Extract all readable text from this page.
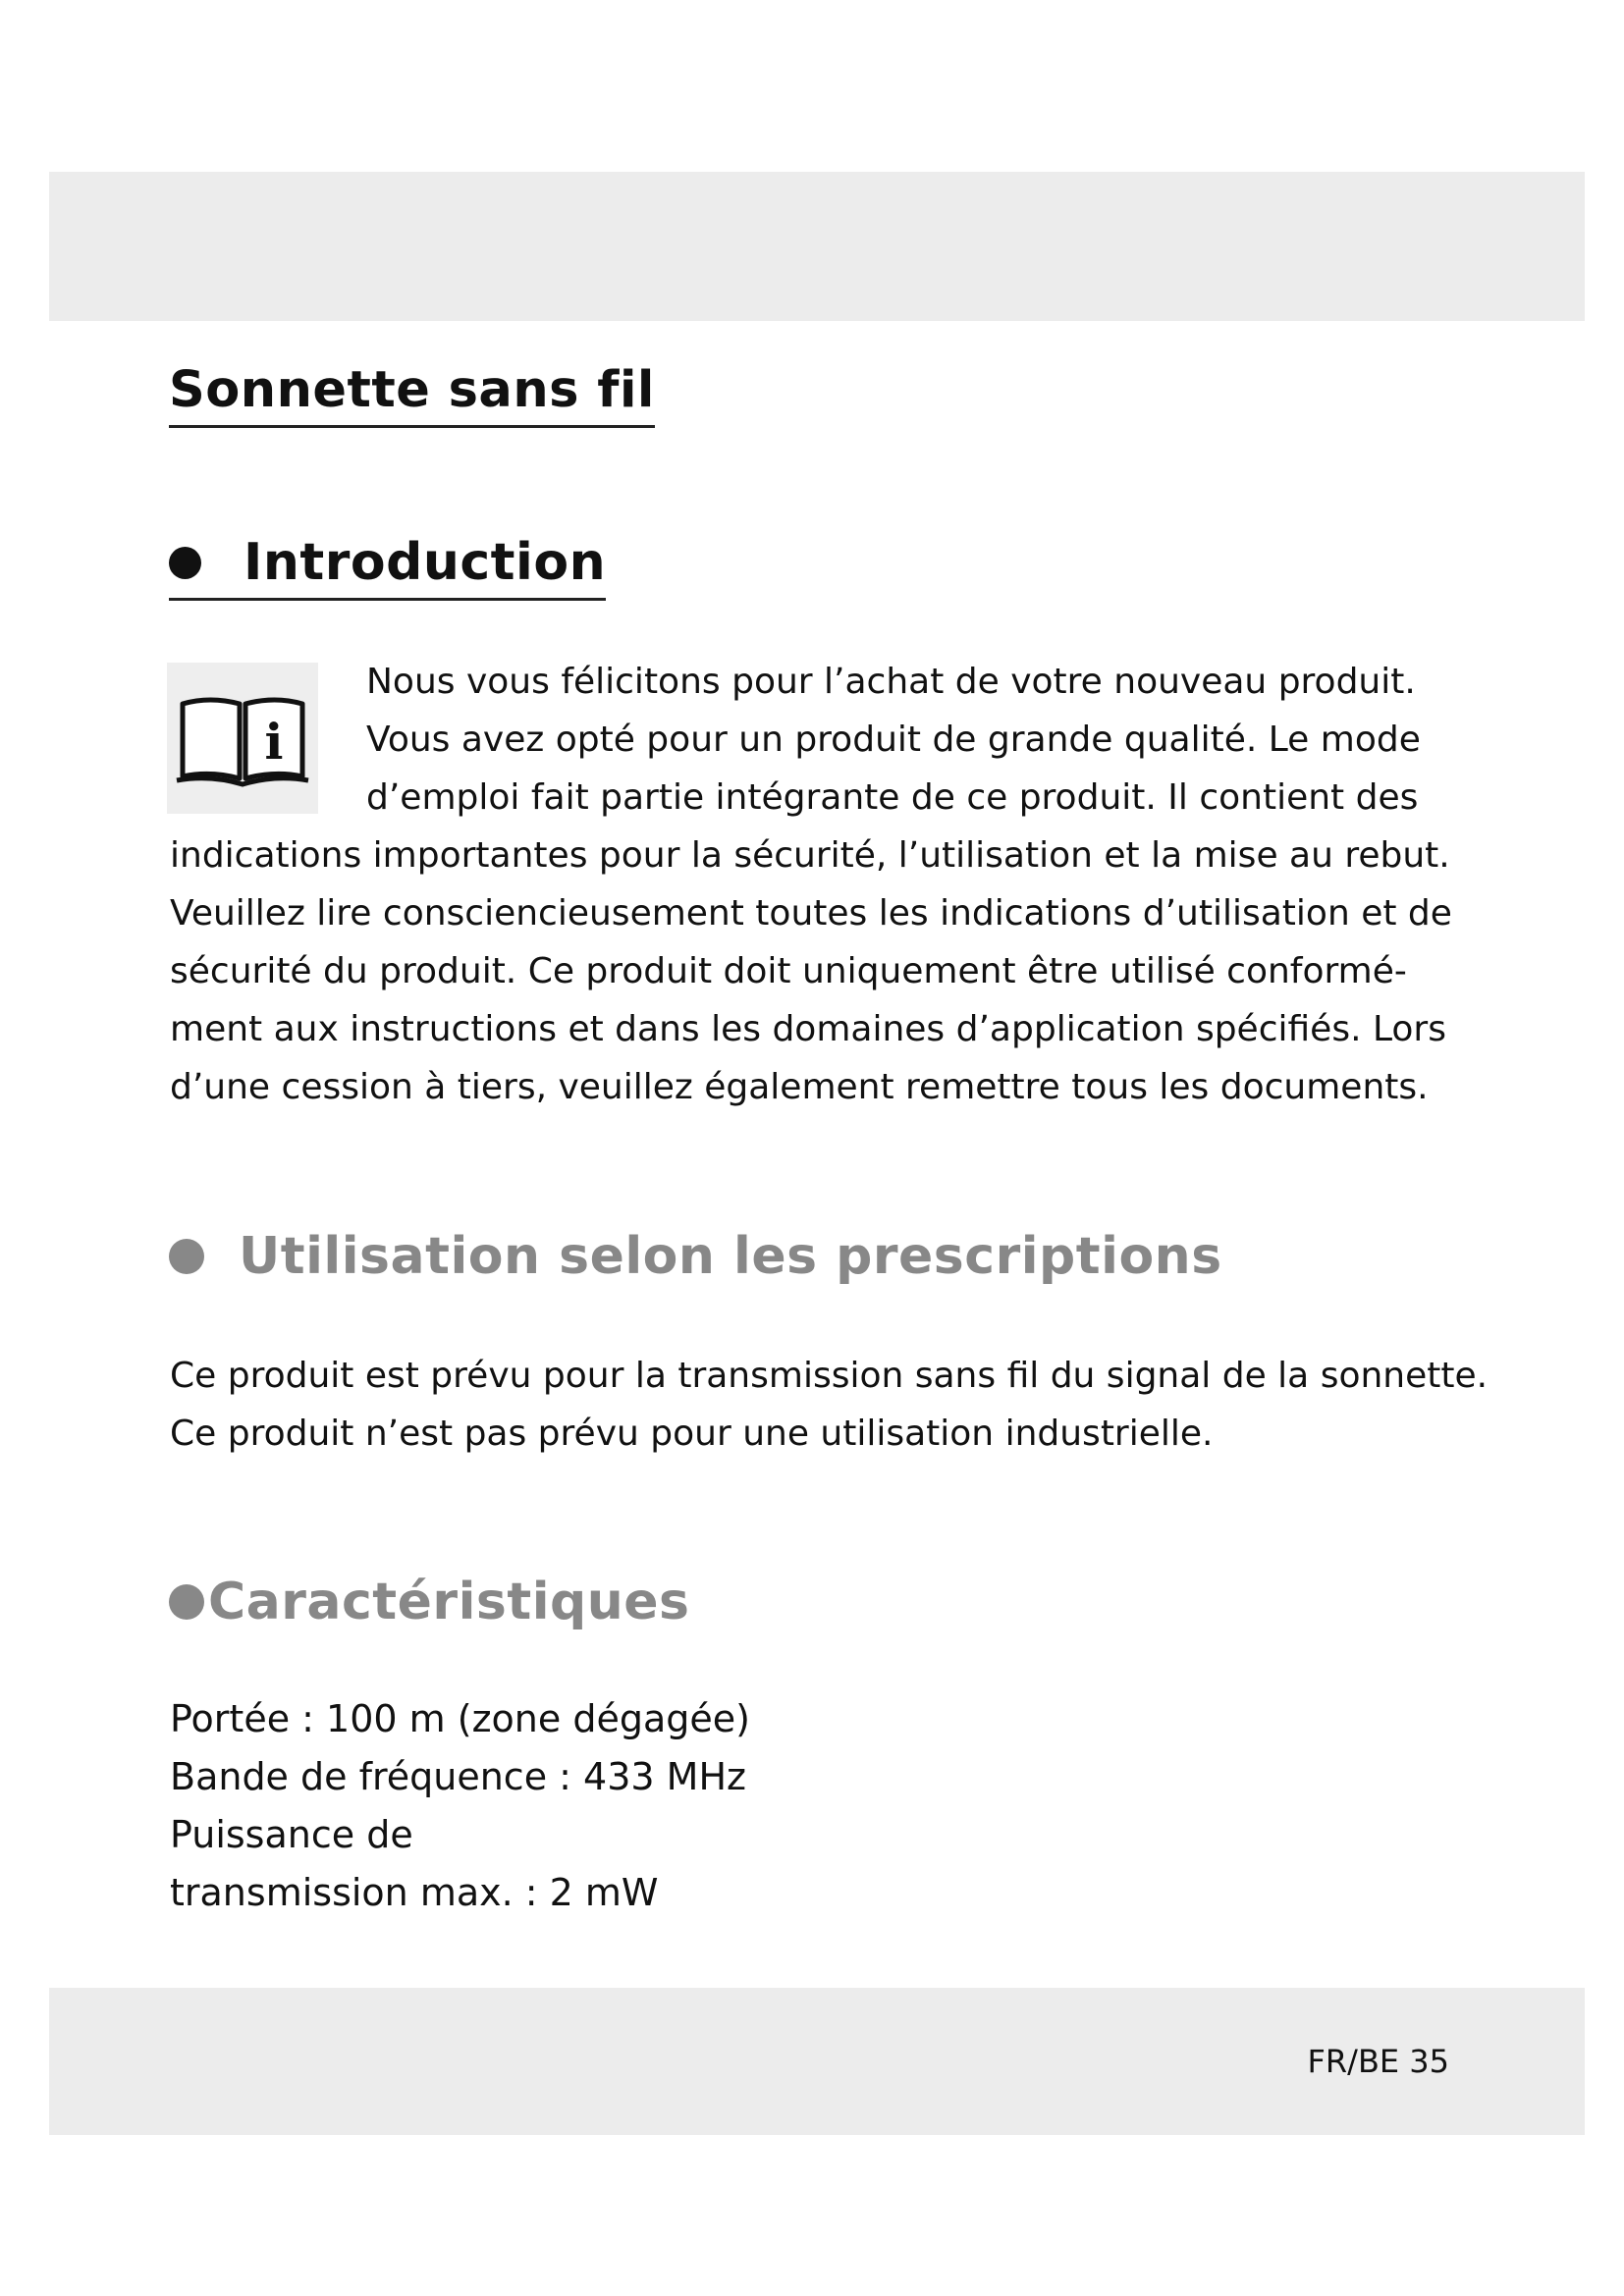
Sonnette sans fil
Introduction
i

Nous vous félicitons pour l’achat de votre nouveau produit.
Vous avez opté pour un produit de grande qualité. Le mode
d’emploi fait partie intégrante de ce produit. Il contient des

indications importantes pour la sécurité, l’utilisation et la mise au rebut.
Veuillez lire consciencieusement toutes les indications d’utilisation et de
sécurité du produit. Ce produit doit uniquement être utilisé conformé-
ment aux instructions et dans les domaines d’application spécifiés. Lors
d’une cession à tiers, veuillez également remettre tous les documents.

Utilisation selon les prescriptions

Ce produit est prévu pour la transmission sans fil du signal de la sonnette.
Ce produit n’est pas prévu pour une utilisation industrielle.

Caractéristiques

Portée : 100 m (zone dégagée)

Bande de fréquence : 433 MHz

Puissance de

transmission max. : 2 mW

FR/BE 35
